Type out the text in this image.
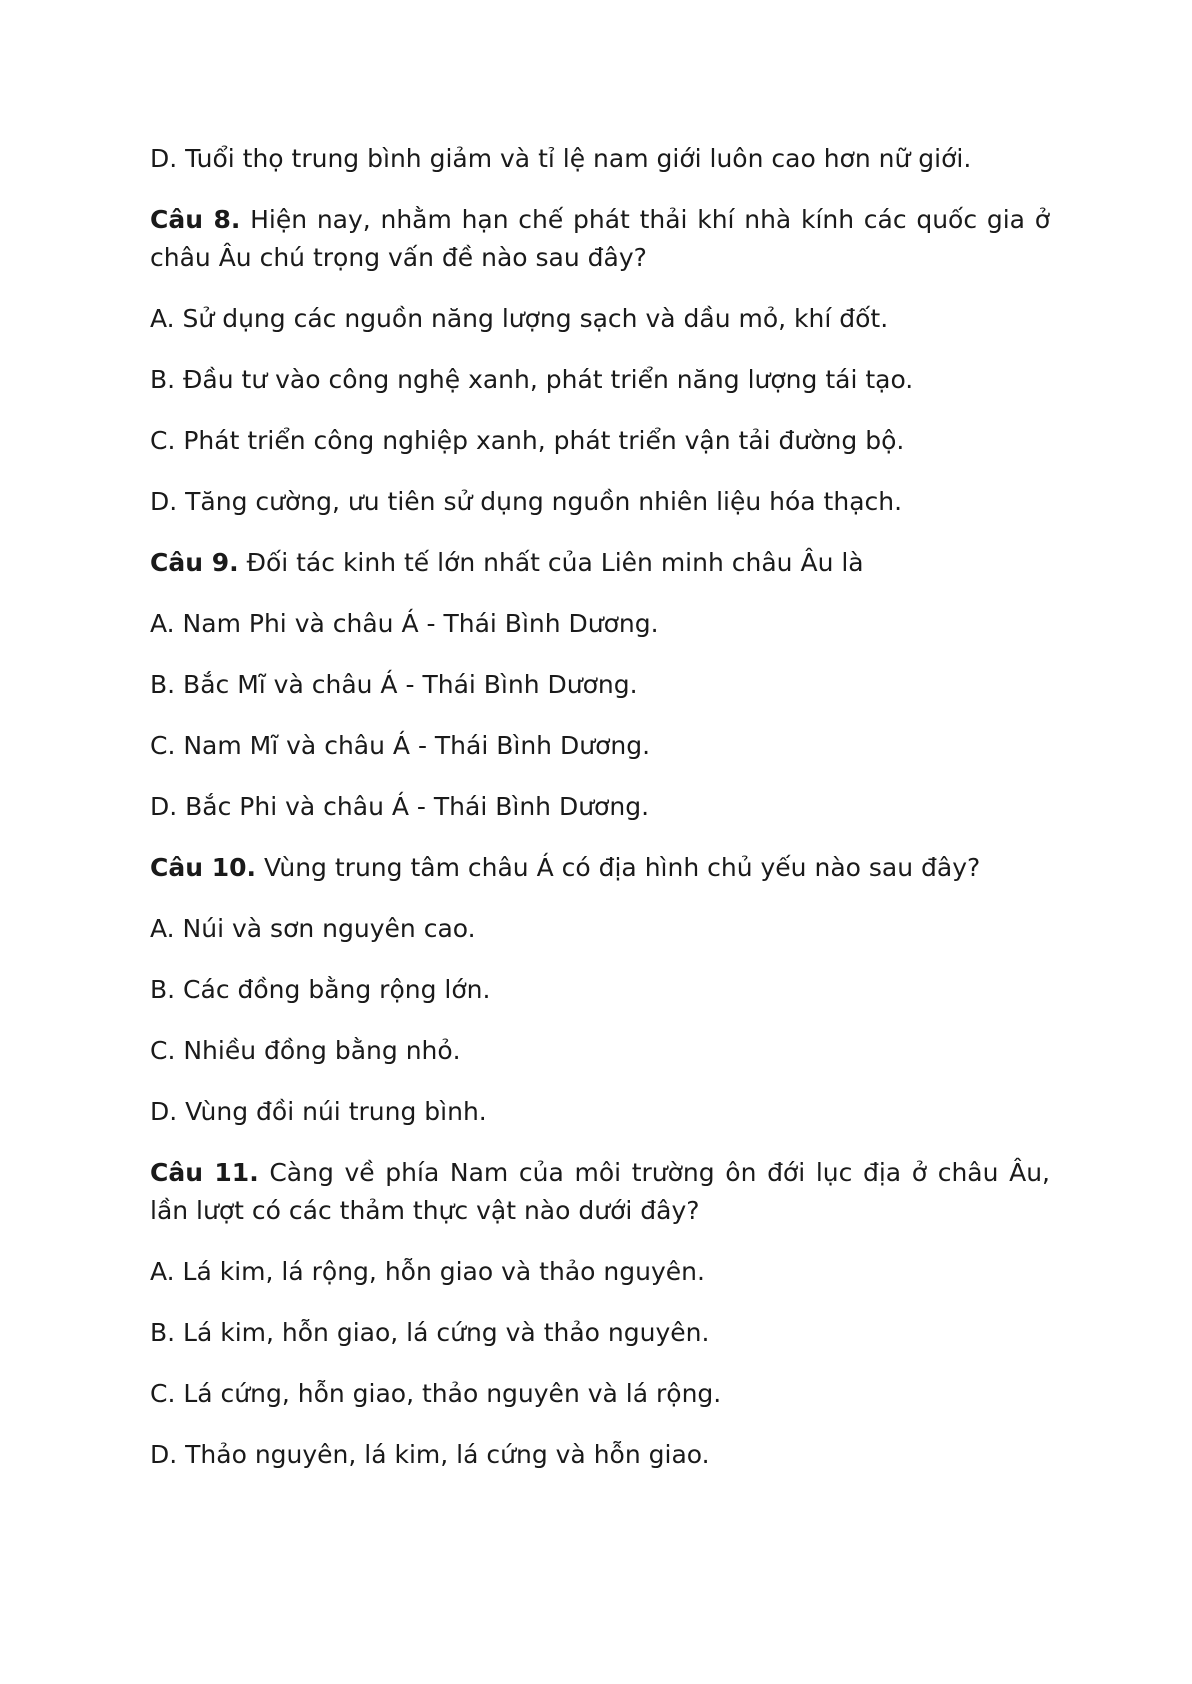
D. Tuổi thọ trung bình giảm và tỉ lệ nam giới luôn cao hơn nữ giới.

Câu 8. Hiện nay, nhằm hạn chế phát thải khí nhà kính các quốc gia ở châu Âu chú trọng vấn đề nào sau đây?

A. Sử dụng các nguồn năng lượng sạch và dầu mỏ, khí đốt.

B. Đầu tư vào công nghệ xanh, phát triển năng lượng tái tạo.

C. Phát triển công nghiệp xanh, phát triển vận tải đường bộ.

D. Tăng cường, ưu tiên sử dụng nguồn nhiên liệu hóa thạch.

Câu 9. Đối tác kinh tế lớn nhất của Liên minh châu Âu là

A. Nam Phi và châu Á - Thái Bình Dương.

B. Bắc Mĩ và châu Á - Thái Bình Dương.

C. Nam Mĩ và châu Á - Thái Bình Dương.

D. Bắc Phi và châu Á - Thái Bình Dương.

Câu 10. Vùng trung tâm châu Á có địa hình chủ yếu nào sau đây?

A. Núi và sơn nguyên cao.

B. Các đồng bằng rộng lớn.

C. Nhiều đồng bằng nhỏ.

D. Vùng đồi núi trung bình.

Câu 11. Càng về phía Nam của môi trường ôn đới lục địa ở châu Âu, lần lượt có các thảm thực vật nào dưới đây?

A. Lá kim, lá rộng, hỗn giao và thảo nguyên.

B. Lá kim, hỗn giao, lá cứng và thảo nguyên.

C. Lá cứng, hỗn giao, thảo nguyên và lá rộng.

D. Thảo nguyên, lá kim, lá cứng và hỗn giao.
